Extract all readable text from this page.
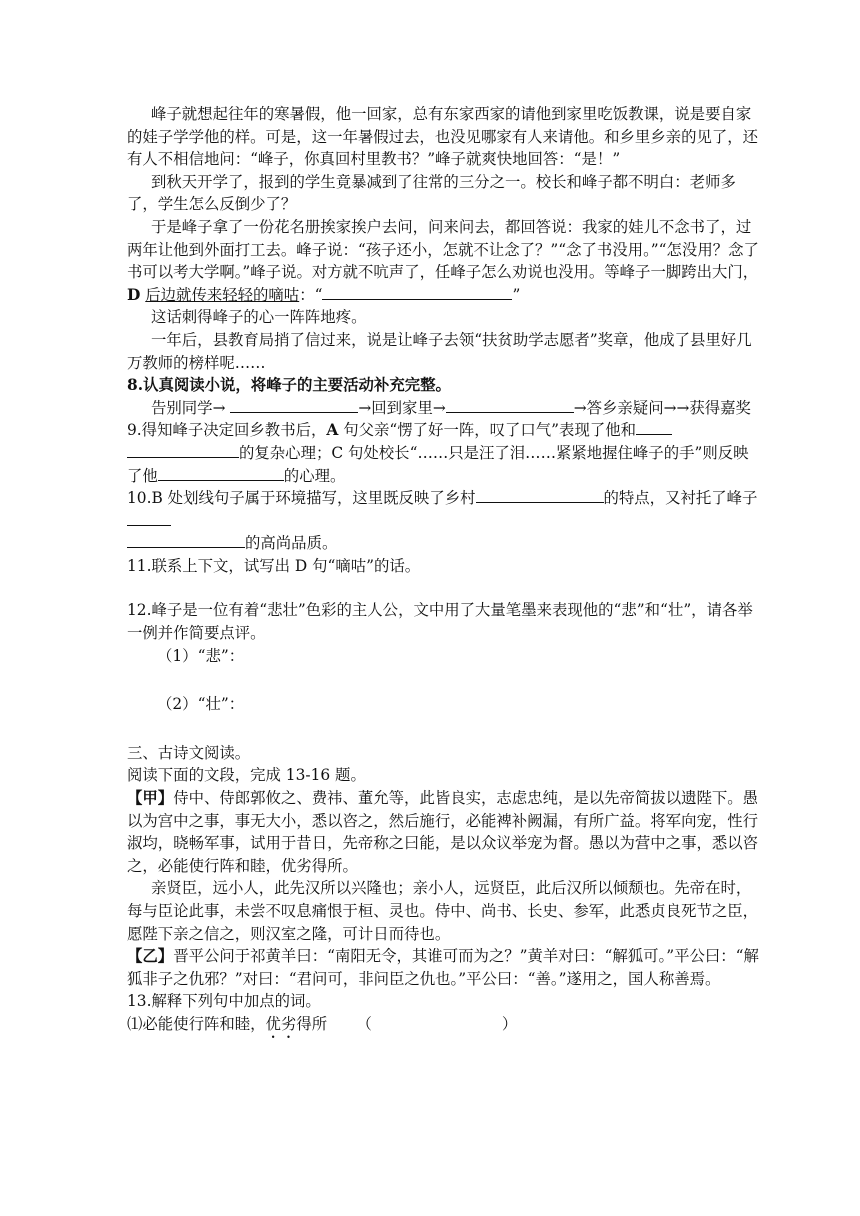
峰子就想起往年的寒暑假，他一回家，总有东家西家的请他到家里吃饭教课，说是要自家的娃子学学他的样。可是，这一年暑假过去，也没见哪家有人来请他。和乡里乡亲的见了，还有人不相信地问：“峰子，你真回村里教书？”峰子就爽快地回答：“是！”

到秋天开学了，报到的学生竟暴减到了往常的三分之一。校长和峰子都不明白：老师多了，学生怎么反倒少了？

于是峰子拿了一份花名册挨家挨户去问，问来问去，都回答说：我家的娃儿不念书了，过两年让他到外面打工去。峰子说：“孩子还小，怎就不让念了？”“念了书没用。”“怎没用？念了书可以考大学啊。”峰子说。对方就不吭声了，任峰子怎么劝说也没用。等峰子一脚跨出大门，D 后边就传来轻轻的嘀咕：“	”

这话刺得峰子的心一阵阵地疼。

一年后，县教育局捎了信过来，说是让峰子去领“扶贫助学志愿者”奖章，他成了县里好几万教师的榜样呢……

8.认真阅读小说，将峰子的主要活动补充完整。

告别同学→	→回到家里→	→答乡亲疑问→→获得嘉奖

9.得知峰子决定回乡教书后，A 句父亲“愣了好一阵，叹了口气”表现了他和
的复杂心理；C 句处校长“……只是汪了泪……紧紧地握住峰子的手”则反映了他	的心理。

10.B 处划线句子属于环境描写，这里既反映了乡村	的特点，又衬托了峰子
的高尚品质。

11.联系上下文，试写出 D 句“嘀咕”的话。

12.峰子是一位有着“悲壮”色彩的主人公，文中用了大量笔墨来表现他的“悲”和“壮”，请各举一例并作简要点评。

（1）“悲”：

（2）“壮”：

三、古诗文阅读。

阅读下面的文段，完成 13-16 题。

【甲】侍中、侍郎郭攸之、费祎、董允等，此皆良实，志虑忠纯，是以先帝简拔以遗陛下。愚以为宫中之事，事无大小，悉以咨之，然后施行，必能裨补阙漏，有所广益。将军向宠，性行淑均，晓畅军事，试用于昔日，先帝称之曰能，是以众议举宠为督。愚以为营中之事，悉以咨之，必能使行阵和睦，优劣得所。

亲贤臣，远小人，此先汉所以兴隆也；亲小人，远贤臣，此后汉所以倾颓也。先帝在时，每与臣论此事，未尝不叹息痛恨于桓、灵也。侍中、尚书、长史、参军，此悉贞良死节之臣，愿陛下亲之信之，则汉室之隆，可计日而待也。

【乙】晋平公问于祁黄羊曰：“南阳无令，其谁可而为之？”黄羊对曰：“解狐可。”平公曰：“解狐非子之仇邪？”对曰：“君问可，非问臣之仇也。”平公曰：“善。”遂用之，国人称善焉。

13.解释下列句中加点的词。

⑴必能使行阵和睦，优劣得所 （	）
